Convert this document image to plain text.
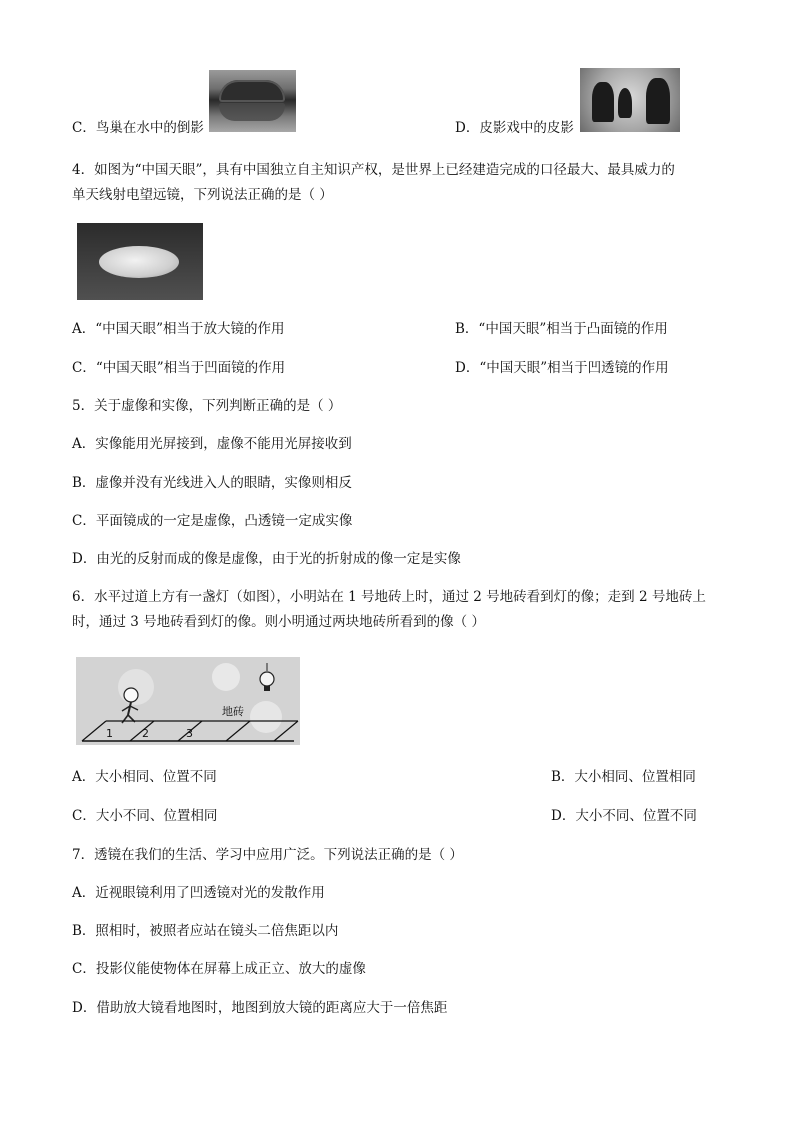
C．鸟巢在水中的倒影	D．皮影戏中的皮影
4．如图为“中国天眼”，具有中国独立自主知识产权，是世界上已经建造完成的口径最大、最具威力的
单天线射电望远镜，下列说法正确的是（ ）
A．“中国天眼”相当于放大镜的作用	B．“中国天眼”相当于凸面镜的作用
C．“中国天眼”相当于凹面镜的作用	D．“中国天眼”相当于凹透镜的作用
5．关于虚像和实像，下列判断正确的是（ ）
A．实像能用光屏接到，虚像不能用光屏接收到
B．虚像并没有光线进入人的眼睛，实像则相反
C．平面镜成的一定是虚像，凸透镜一定成实像
D．由光的反射而成的像是虚像，由于光的折射成的像一定是实像
6．水平过道上方有一盏灯（如图），小明站在 1 号地砖上时，通过 2 号地砖看到灯的像；走到 2 号地砖上
时，通过 3 号地砖看到灯的像。则小明通过两块地砖所看到的像（ ）
1	2	3
地砖
A．大小相同、位置不同	B．大小相同、位置相同
C．大小不同、位置相同	D．大小不同、位置不同
7．透镜在我们的生活、学习中应用广泛。下列说法正确的是（ ）
A．近视眼镜利用了凹透镜对光的发散作用
B．照相时，被照者应站在镜头二倍焦距以内
C．投影仪能使物体在屏幕上成正立、放大的虚像
D．借助放大镜看地图时，地图到放大镜的距离应大于一倍焦距
